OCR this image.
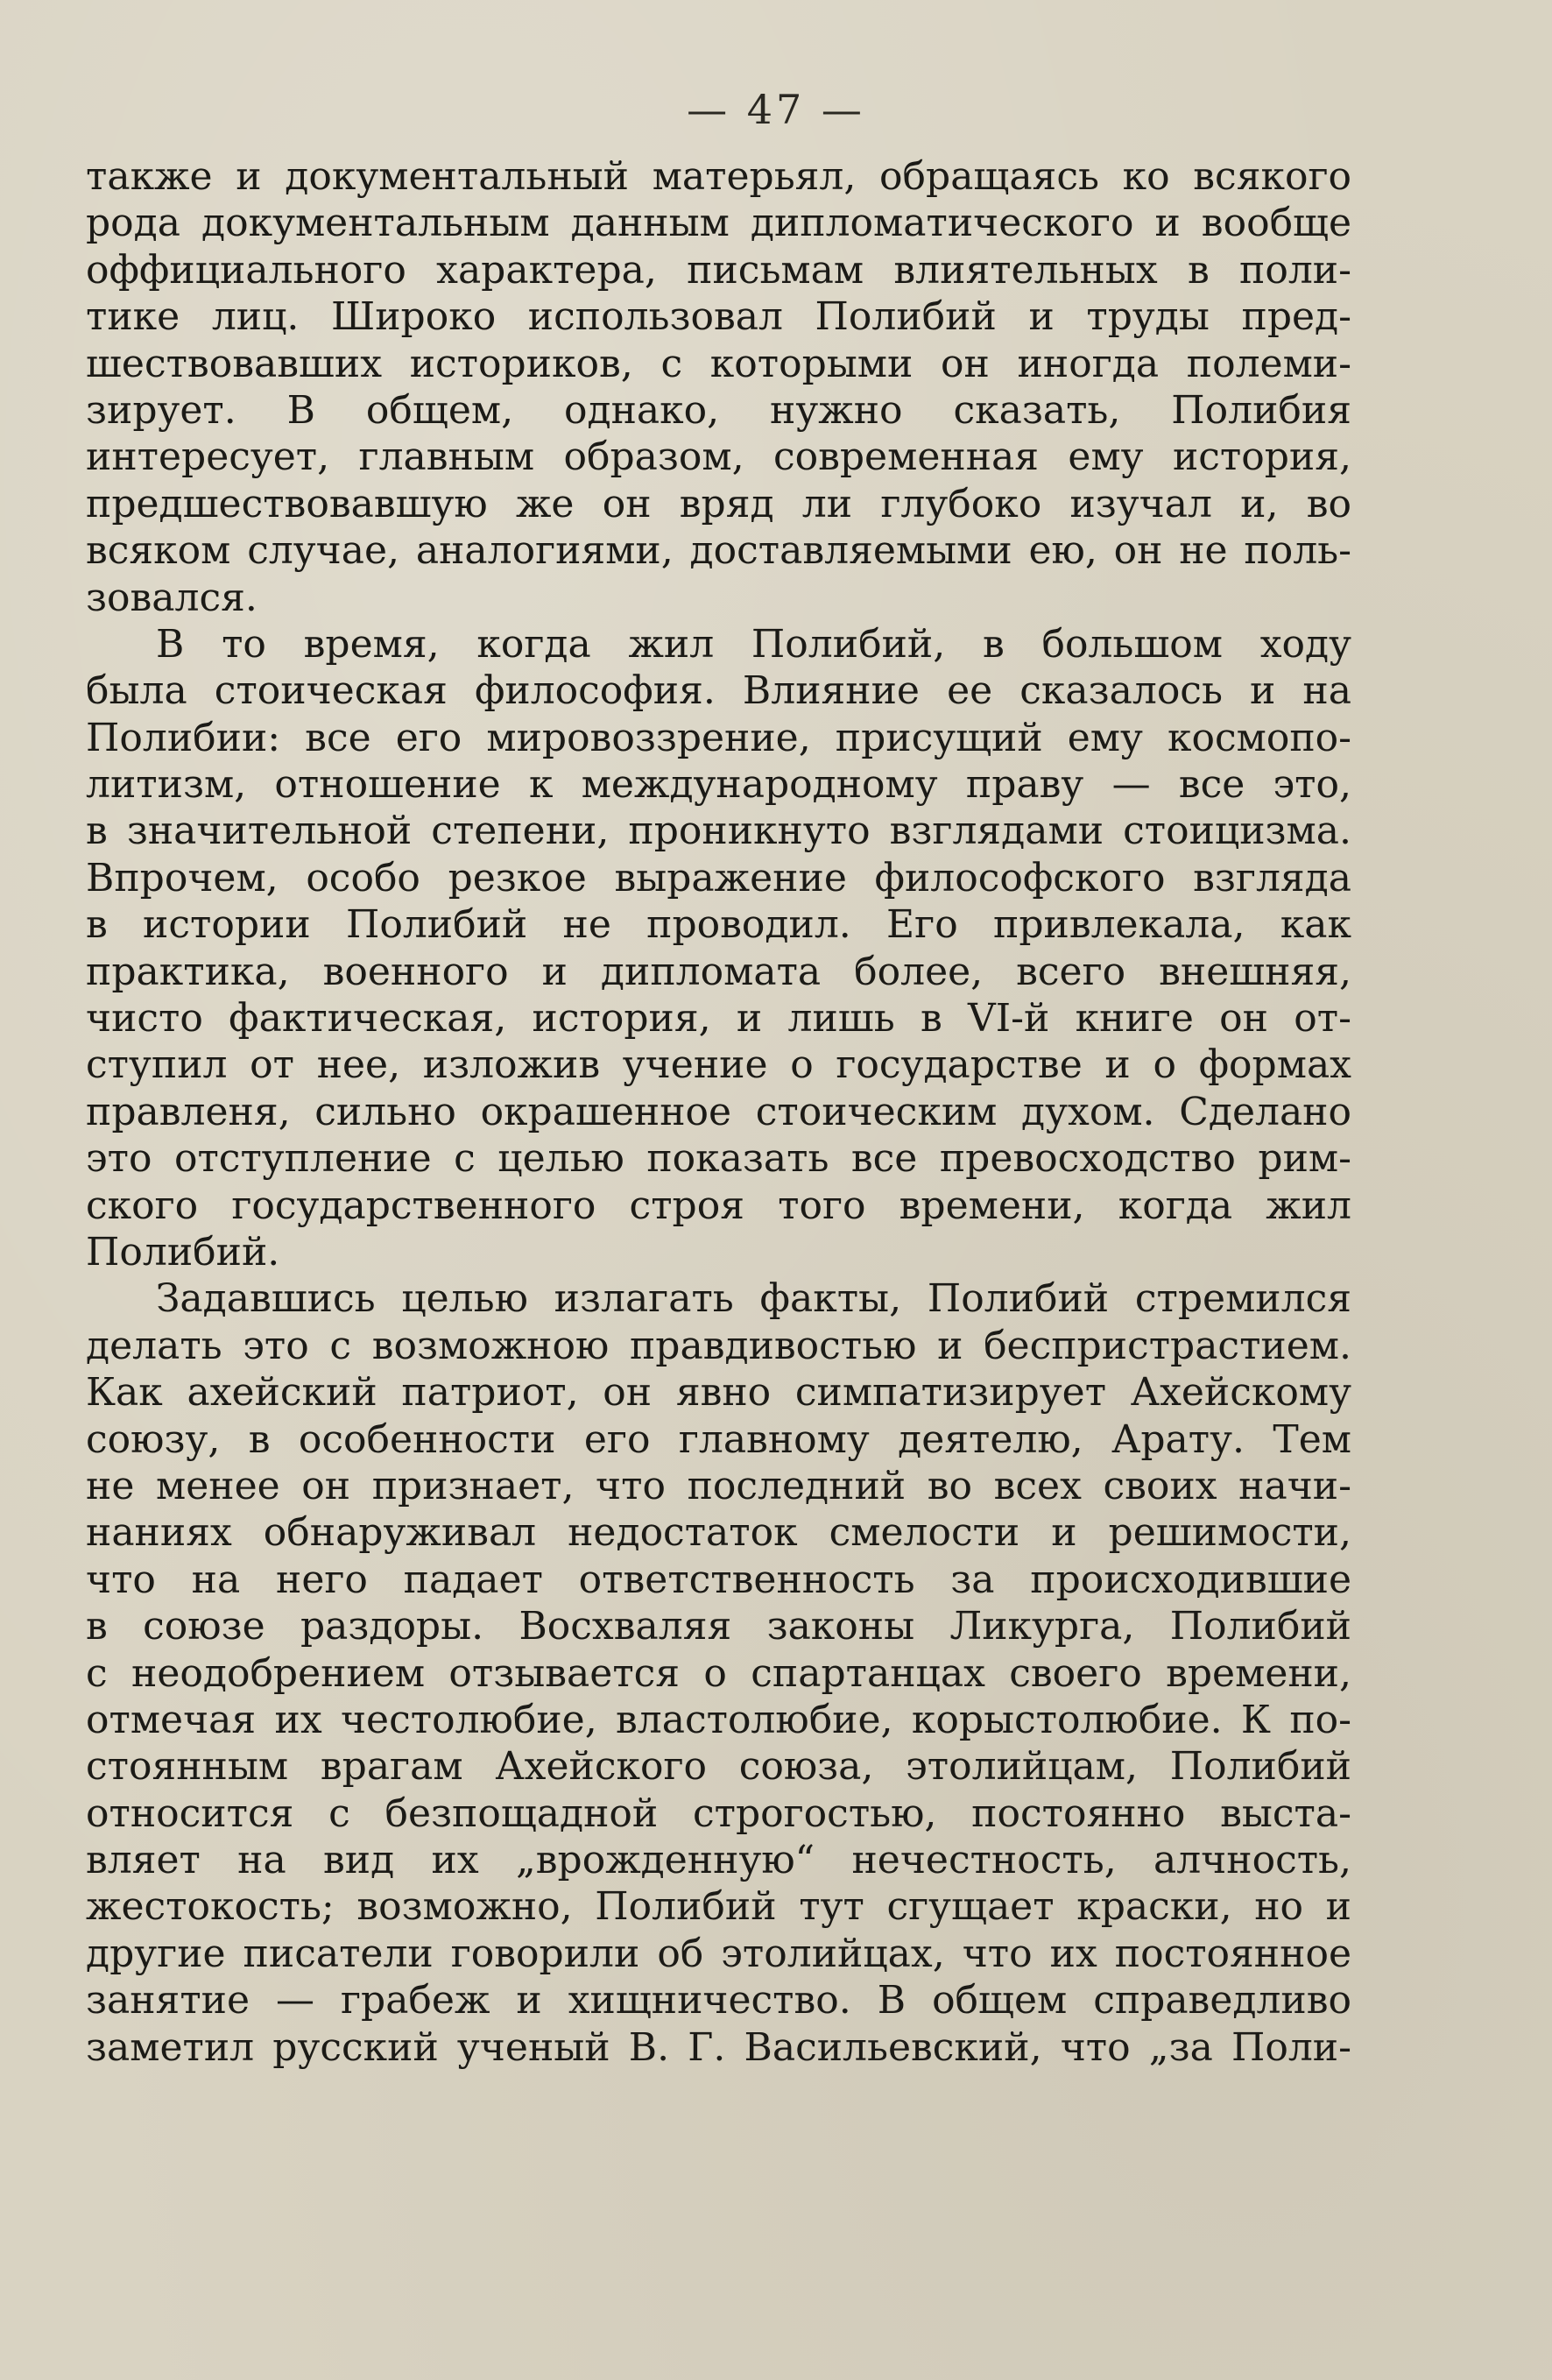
— 47 —
также и документальный матерьял, обращаясь ко всякого
рода документальным данным дипломатического и вообще
оффициального характера, письмам влиятельных в поли-
тике лиц. Широко использовал Полибий и труды пред-
шествовавших историков, с которыми он иногда полеми-
зирует. В общем, однако, нужно сказать, Полибия
интересует, главным образом, современная ему история,
предшествовавшую же он вряд ли глубоко изучал и, во
всяком случае, аналогиями, доставляемыми ею, он не поль-
зовался.
В то время, когда жил Полибий, в большом ходу
была стоическая философия. Влияние ее сказалось и на
Полибии: все его мировоззрение, присущий ему космопо-
литизм, отношение к международному праву — все это,
в значительной степени, проникнуто взглядами стоицизма.
Впрочем, особо резкое выражение философского взгляда
в истории Полибий не проводил. Его привлекала, как
практика, военного и дипломата более, всего внешняя,
чисто фактическая, история, и лишь в VI-й книге он от-
ступил от нее, изложив учение о государстве и о формах
правленя, сильно окрашенное стоическим духом. Сделано
это отступление с целью показать все превосходство рим-
ского государственного строя того времени, когда жил
Полибий.
Задавшись целью излагать факты, Полибий стремился
делать это с возможною правдивостью и беспристрастием.
Как ахейский патриот, он явно симпатизирует Ахейскому
союзу, в особенности его главному деятелю, Арату. Тем
не менее он признает, что последний во всех своих начи-
наниях обнаруживал недостаток смелости и решимости,
что на него падает ответственность за происходившие
в союзе раздоры. Восхваляя законы Ликурга, Полибий
с неодобрением отзывается о спартанцах своего времени,
отмечая их честолюбие, властолюбие, корыстолюбие. К по-
стоянным врагам Ахейского союза, этолийцам, Полибий
относится с безпощадной строгостью, постоянно выста-
вляет на вид их „врожденную“ нечестность, алчность,
жестокость; возможно, Полибий тут сгущает краски, но и
другие писатели говорили об этолийцах, что их постоянное
занятие — грабеж и хищничество. В общем справедливо
заметил русский ученый В. Г. Васильевский, что „за Поли-
